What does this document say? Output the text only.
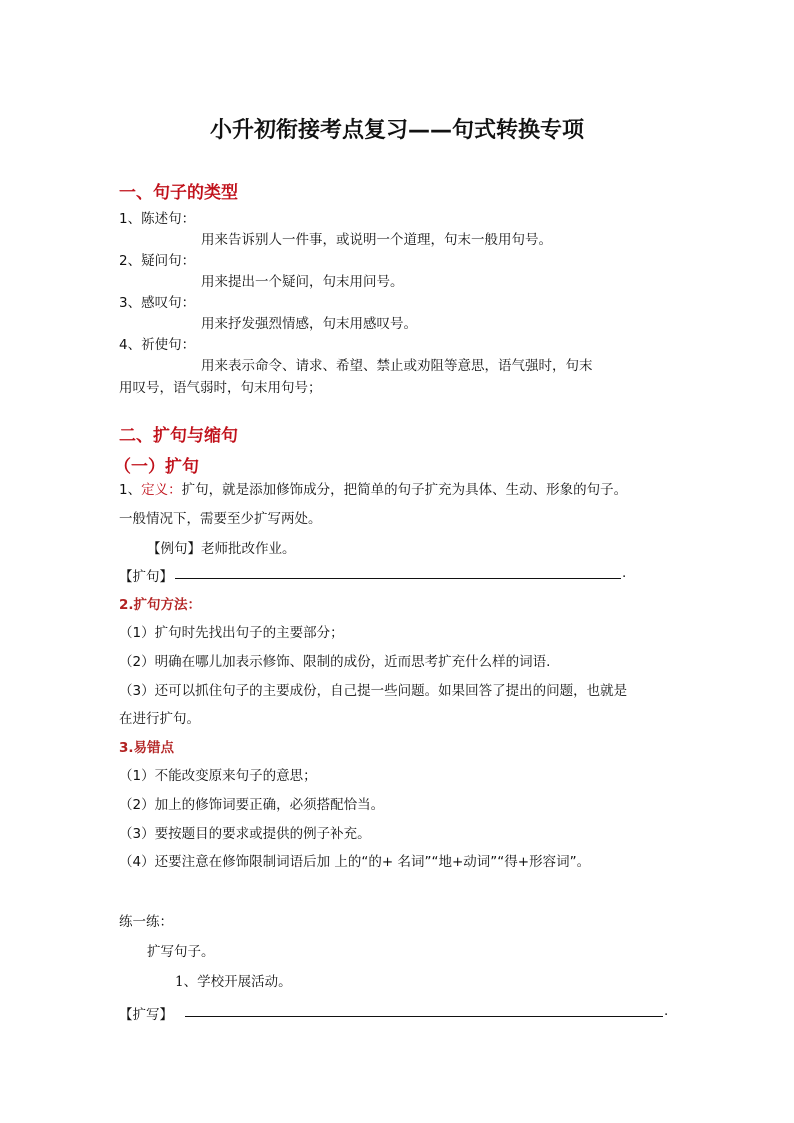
小升初衔接考点复习——句式转换专项
一、句子的类型
1、陈述句：
用来告诉别人一件事，或说明一个道理，句末一般用句号。
2、疑问句：
用来提出一个疑问，句末用问号。
3、感叹句：
用来抒发强烈情感，句末用感叹号。
4、祈使句：
用来表示命令、请求、希望、禁止或劝阻等意思，语气强时，句末
用叹号，语气弱时，句末用句号；
二、扩句与缩句
（一）扩句
1、定义：扩句，就是添加修饰成分，把简单的句子扩充为具体、生动、形象的句子。
一般情况下，需要至少扩写两处。
【例句】老师批改作业。
【扩句】	.
2.扩句方法：
（1）扩句时先找出句子的主要部分；
（2）明确在哪儿加表示修饰、限制的成份，近而思考扩充什么样的词语.
（3）还可以抓住句子的主要成份，自己提一些问题。如果回答了提出的问题，也就是
在进行扩句。
3.易错点
（1）不能改变原来句子的意思；
（2）加上的修饰词要正确，必须搭配恰当。
（3）要按题目的要求或提供的例子补充。
（4）还要注意在修饰限制词语后加 上的“的+ 名词”“地+动词”“得+形容词”。
练一练：
扩写句子。
1、学校开展活动。
【扩写】	.
